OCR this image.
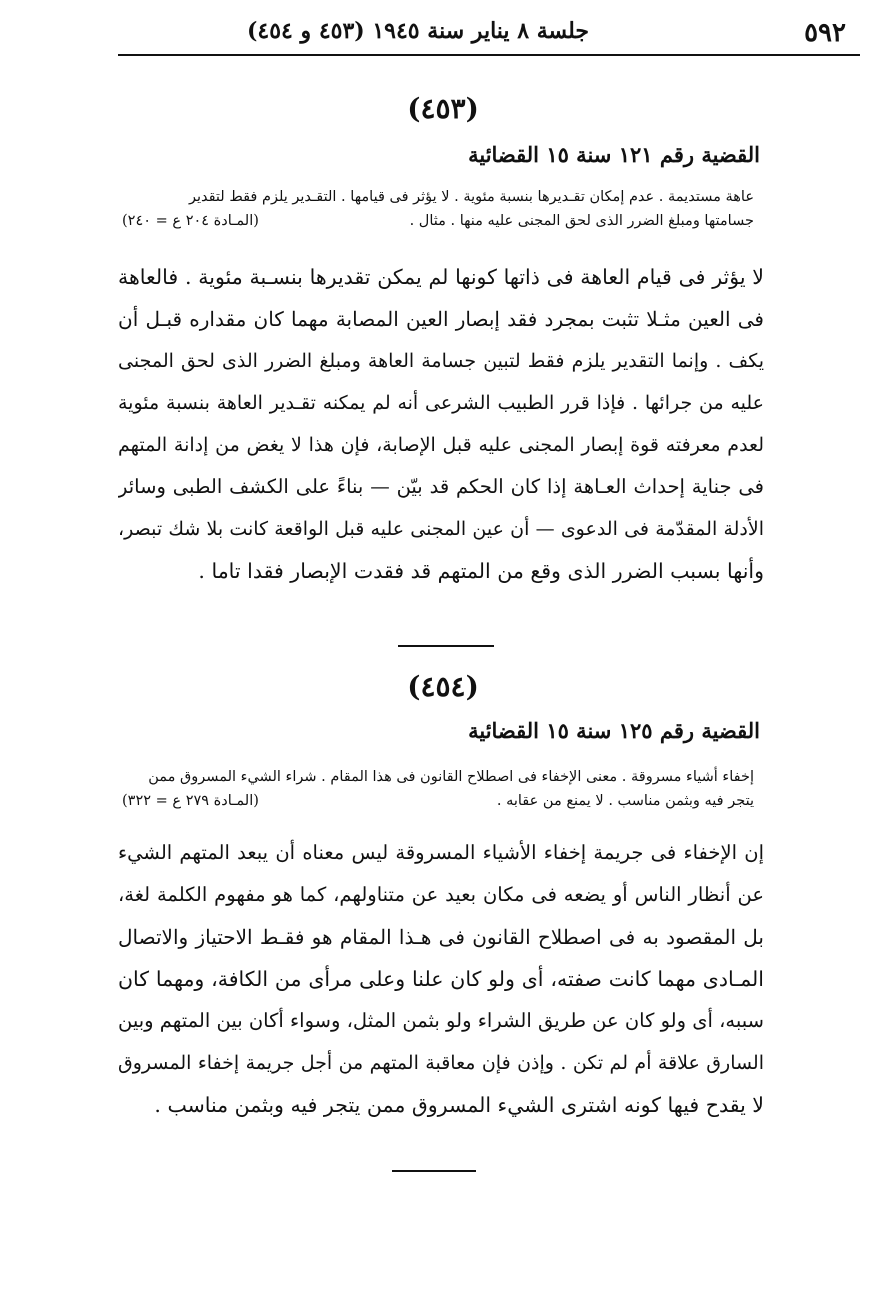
٥٩٢
جلسة ٨ يناير سنة ١٩٤٥ (٤٥٣ و ٤٥٤)
(٤٥٣)
القضية رقم ١٢١ سنة ١٥ القضائية
عاهة مستديمة . عدم إمكان تقـديرها بنسبة مئوية . لا يؤثر فى قيامها . التقـدير يلزم فقط لتقدير
جسامتها ومبلغ الضرر الذى لحق المجنى عليه منها . مثال .
(المـادة ٢٠٤ ع = ٢٤٠)
لا يؤثر فى قيام العاهة فى ذاتها كونها لم يمكن تقديرها بنسـبة مئوية . فالعاهة
فى العين مثـلا تثبت بمجرد فقد إبصار العين المصابة مهما كان مقداره قبـل أن
يكف . وإنما التقدير يلزم فقط لتبين جسامة العاهة ومبلغ الضرر الذى لحق المجنى
عليه من جرائها . فإذا قرر الطبيب الشرعى أنه لم يمكنه تقـدير العاهة بنسبة مئوية
لعدم معرفته قوة إبصار المجنى عليه قبل الإصابة، فإن هذا لا يغض من إدانة المتهم
فى جناية إحداث العـاهة إذا كان الحكم قد بيّن — بناءً على الكشف الطبى وسائر
الأدلة المقدّمة فى الدعوى — أن عين المجنى عليه قبل الواقعة كانت بلا شك تبصر،
وأنها بسبب الضرر الذى وقع من المتهم قد فقدت الإبصار فقدا تاما .
(٤٥٤)
القضية رقم ١٢٥ سنة ١٥ القضائية
إخفاء أشياء مسروقة . معنى الإخفاء فى اصطلاح القانون فى هذا المقام . شراء الشيء المسروق ممن
يتجر فيه وبثمن مناسب . لا يمنع من عقابه .
(المـادة ٢٧٩ ع = ٣٢٢)
إن الإخفاء فى جريمة إخفاء الأشياء المسروقة ليس معناه أن يبعد المتهم الشيء
عن أنظار الناس أو يضعه فى مكان بعيد عن متناولهم، كما هو مفهوم الكلمة لغة،
بل المقصود به فى اصطلاح القانون فى هـذا المقام هو فقـط الاحتياز والاتصال
المـادى مهما كانت صفته، أى ولو كان علنا وعلى مرأى من الكافة، ومهما كان
سببه، أى ولو كان عن طريق الشراء ولو بثمن المثل، وسواء أكان بين المتهم وبين
السارق علاقة أم لم تكن . وإذن فإن معاقبة المتهم من أجل جريمة إخفاء المسروق
لا يقدح فيها كونه اشترى الشيء المسروق ممن يتجر فيه وبثمن مناسب .
